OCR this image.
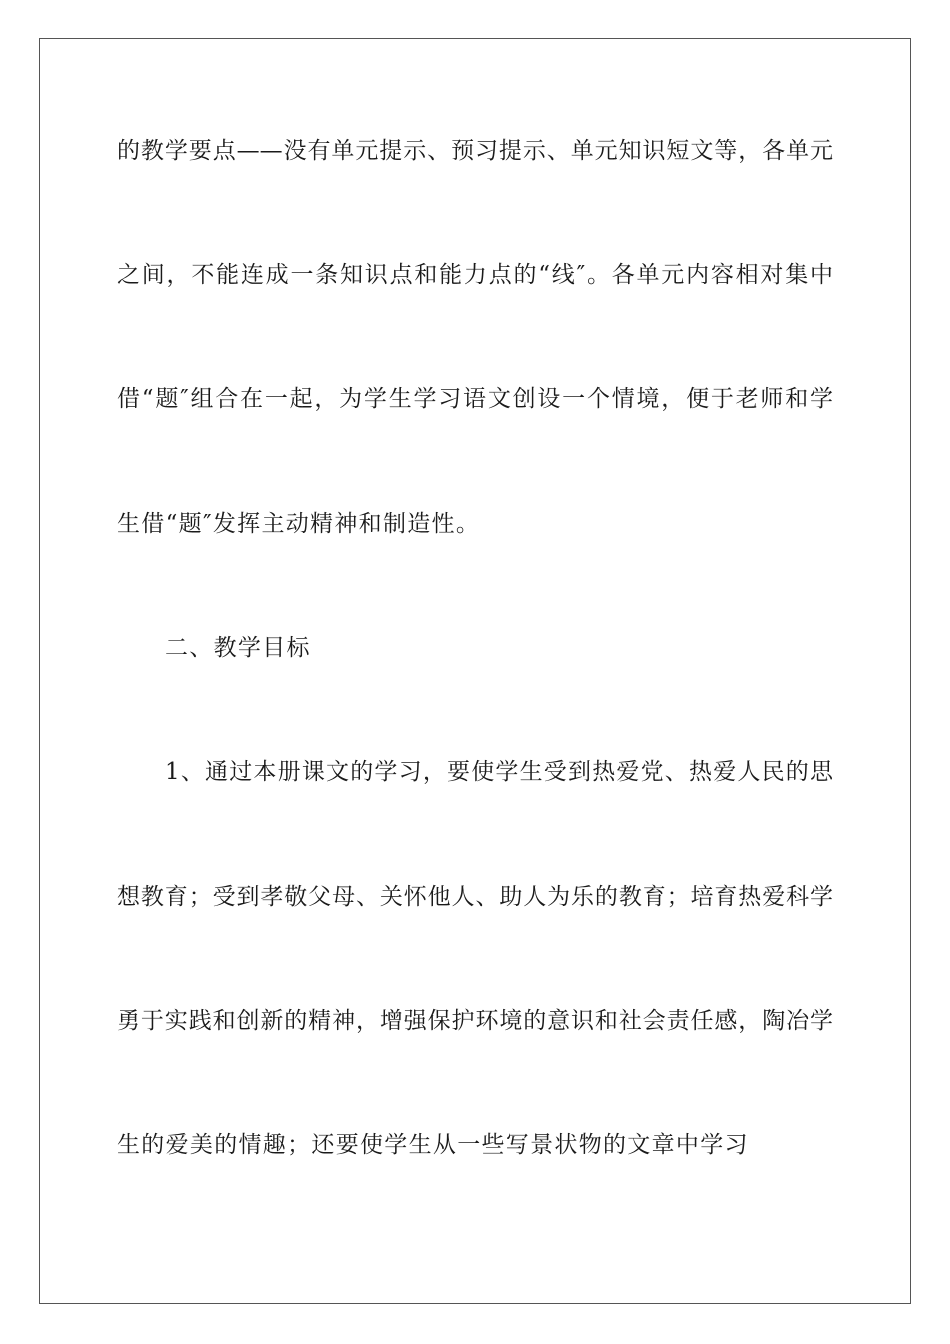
的教学要点——没有单元提示、预习提示、单元知识短文等，各单元
之间，不能连成一条知识点和能力点的“线″。各单元内容相对集中
借“题″组合在一起，为学生学习语文创设一个情境，便于老师和学
生借“题″发挥主动精神和制造性。
二、教学目标
1、通过本册课文的学习，要使学生受到热爱党、热爱人民的思
想教育；受到孝敬父母、关怀他人、助人为乐的教育；培育热爱科学
勇于实践和创新的精神，增强保护环境的意识和社会责任感，陶冶学
生的爱美的情趣；还要使学生从一些写景状物的文章中学习
